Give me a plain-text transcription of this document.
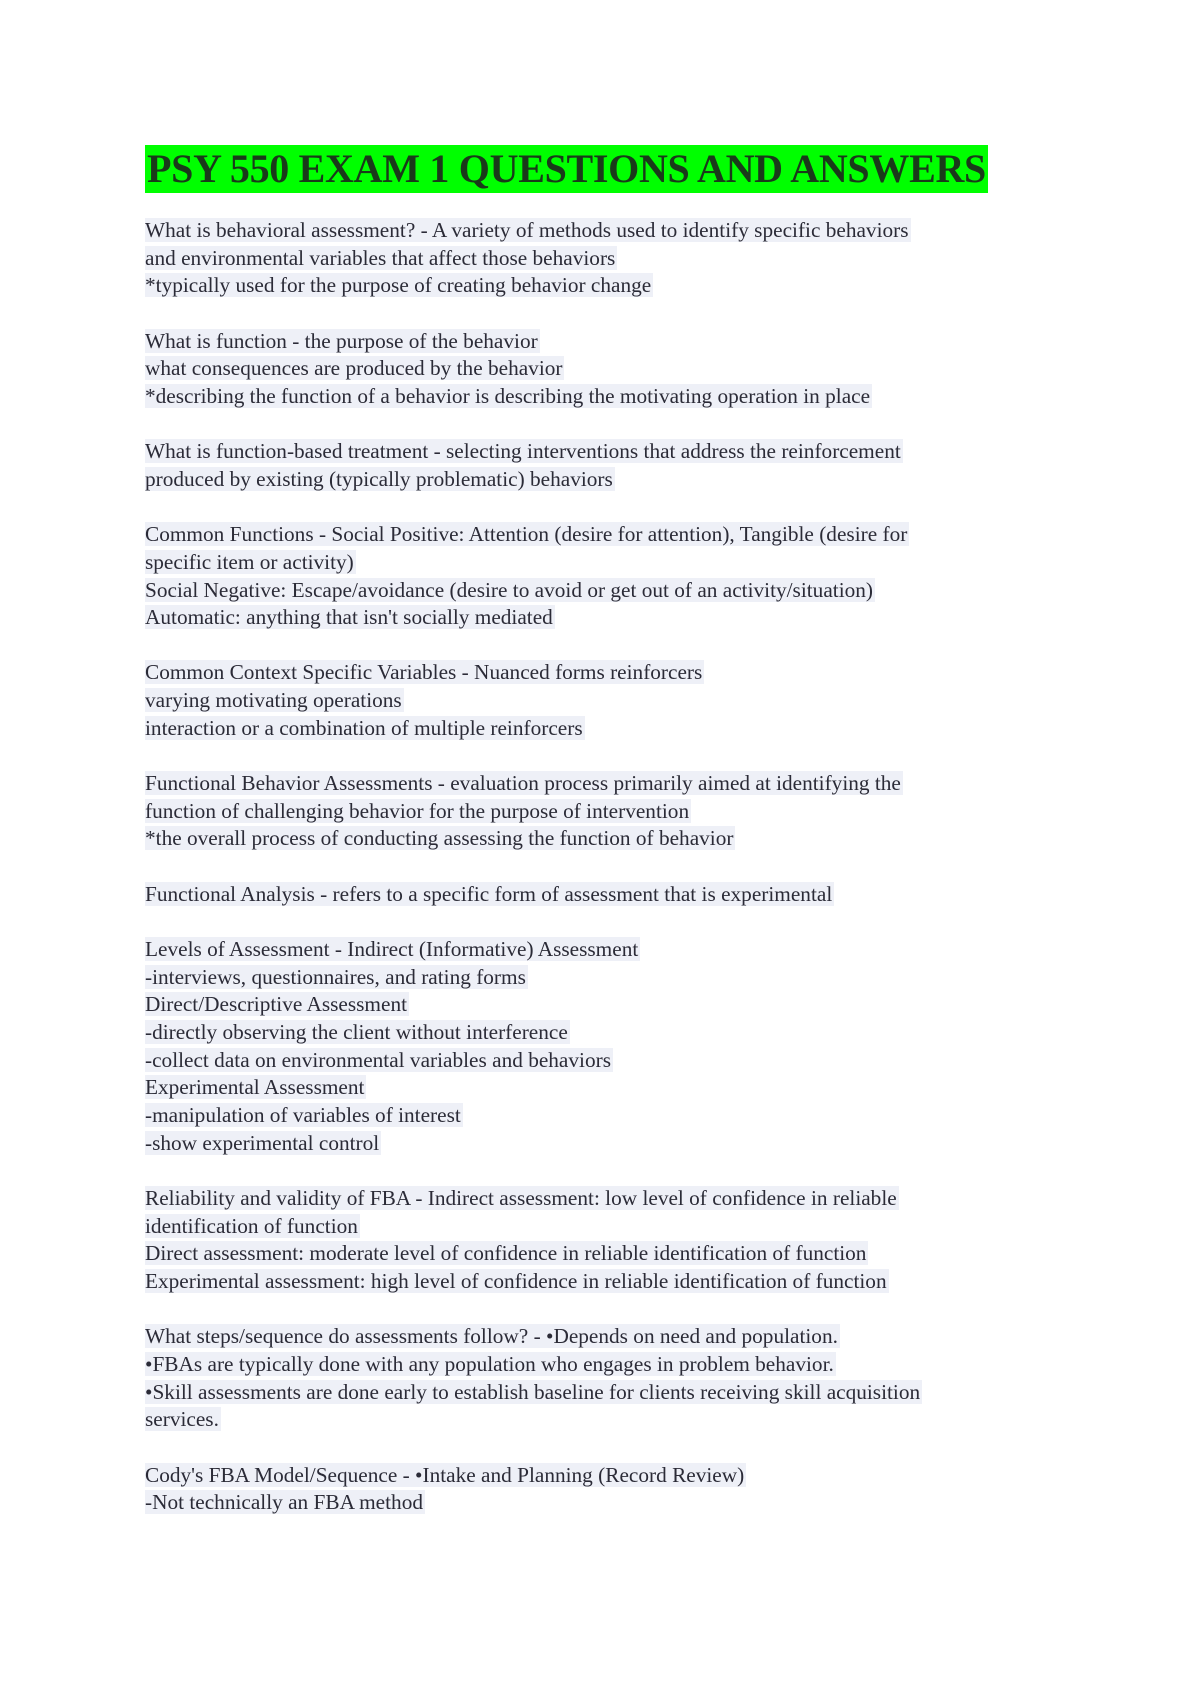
PSY 550 EXAM 1 QUESTIONS AND ANSWERS
What is behavioral assessment? - A variety of methods used to identify specific behaviors
and environmental variables that affect those behaviors
*typically used for the purpose of creating behavior change
What is function - the purpose of the behavior
what consequences are produced by the behavior
*describing the function of a behavior is describing the motivating operation in place
What is function-based treatment - selecting interventions that address the reinforcement
produced by existing (typically problematic) behaviors
Common Functions - Social Positive: Attention (desire for attention), Tangible (desire for
specific item or activity)
Social Negative: Escape/avoidance (desire to avoid or get out of an activity/situation)
Automatic: anything that isn't socially mediated
Common Context Specific Variables - Nuanced forms reinforcers
varying motivating operations
interaction or a combination of multiple reinforcers
Functional Behavior Assessments - evaluation process primarily aimed at identifying the
function of challenging behavior for the purpose of intervention
*the overall process of conducting assessing the function of behavior
Functional Analysis - refers to a specific form of assessment that is experimental
Levels of Assessment - Indirect (Informative) Assessment
-interviews, questionnaires, and rating forms
Direct/Descriptive Assessment
-directly observing the client without interference
-collect data on environmental variables and behaviors
Experimental Assessment
-manipulation of variables of interest
-show experimental control
Reliability and validity of FBA - Indirect assessment: low level of confidence in reliable
identification of function
Direct assessment: moderate level of confidence in reliable identification of function
Experimental assessment: high level of confidence in reliable identification of function
What steps/sequence do assessments follow? - •Depends on need and population.
•FBAs are typically done with any population who engages in problem behavior.
•Skill assessments are done early to establish baseline for clients receiving skill acquisition
services.
Cody's FBA Model/Sequence - •Intake and Planning (Record Review)
-Not technically an FBA method
